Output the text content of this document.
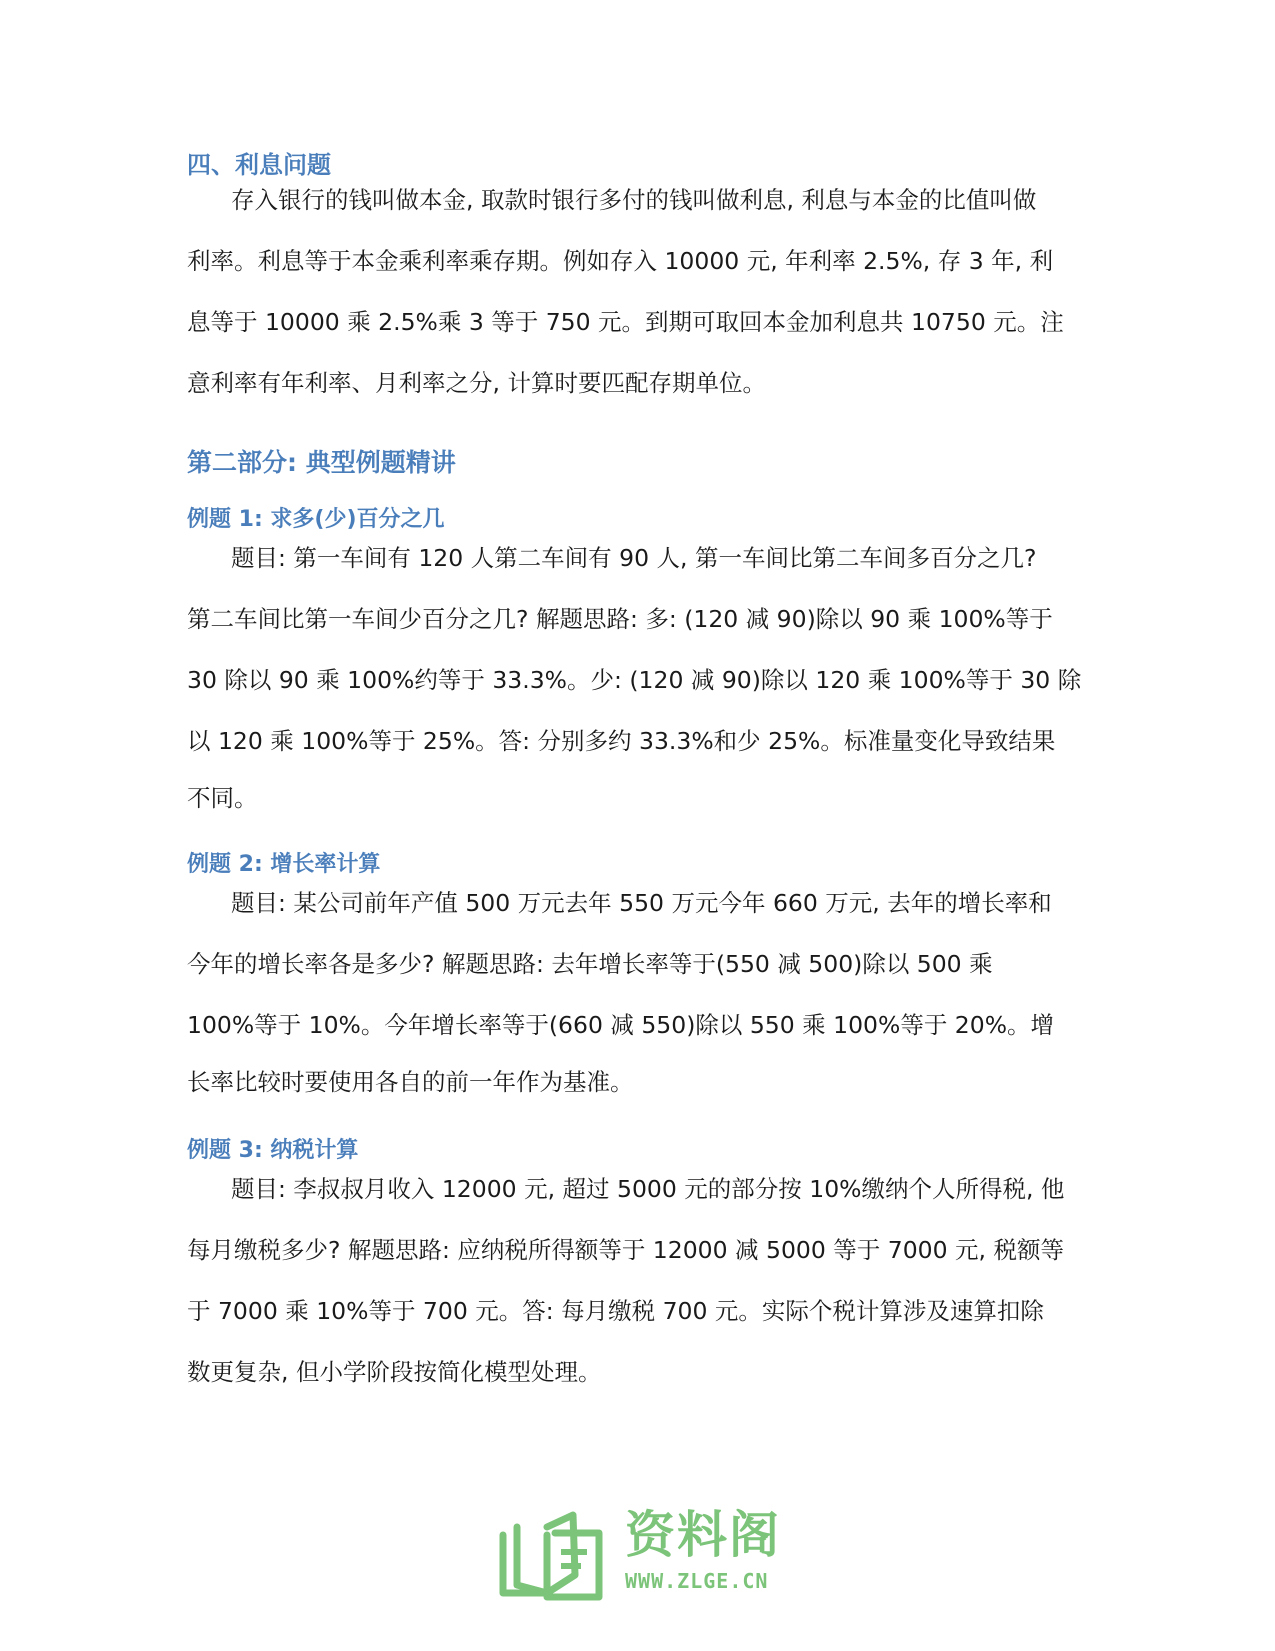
四、利息问题
存入银行的钱叫做本金, 取款时银行多付的钱叫做利息, 利息与本金的比值叫做
利率。利息等于本金乘利率乘存期。例如存入 10000 元, 年利率 2.5%, 存 3 年, 利
息等于 10000 乘 2.5%乘 3 等于 750 元。到期可取回本金加利息共 10750 元。注
意利率有年利率、月利率之分, 计算时要匹配存期单位。
第二部分: 典型例题精讲
例题 1: 求多(少)百分之几
题目: 第一车间有 120 人第二车间有 90 人, 第一车间比第二车间多百分之几?
第二车间比第一车间少百分之几? 解题思路: 多: (120 减 90)除以 90 乘 100%等于
30 除以 90 乘 100%约等于 33.3%。少: (120 减 90)除以 120 乘 100%等于 30 除
以 120 乘 100%等于 25%。答: 分别多约 33.3%和少 25%。标准量变化导致结果
不同。
例题 2: 增长率计算
题目: 某公司前年产值 500 万元去年 550 万元今年 660 万元, 去年的增长率和
今年的增长率各是多少? 解题思路: 去年增长率等于(550 减 500)除以 500 乘
100%等于 10%。今年增长率等于(660 减 550)除以 550 乘 100%等于 20%。增
长率比较时要使用各自的前一年作为基准。
例题 3: 纳税计算
题目: 李叔叔月收入 12000 元, 超过 5000 元的部分按 10%缴纳个人所得税, 他
每月缴税多少? 解题思路: 应纳税所得额等于 12000 减 5000 等于 7000 元, 税额等
于 7000 乘 10%等于 700 元。答: 每月缴税 700 元。实际个税计算涉及速算扣除
数更复杂, 但小学阶段按简化模型处理。
资料阁
WWW.ZLGE.CN
